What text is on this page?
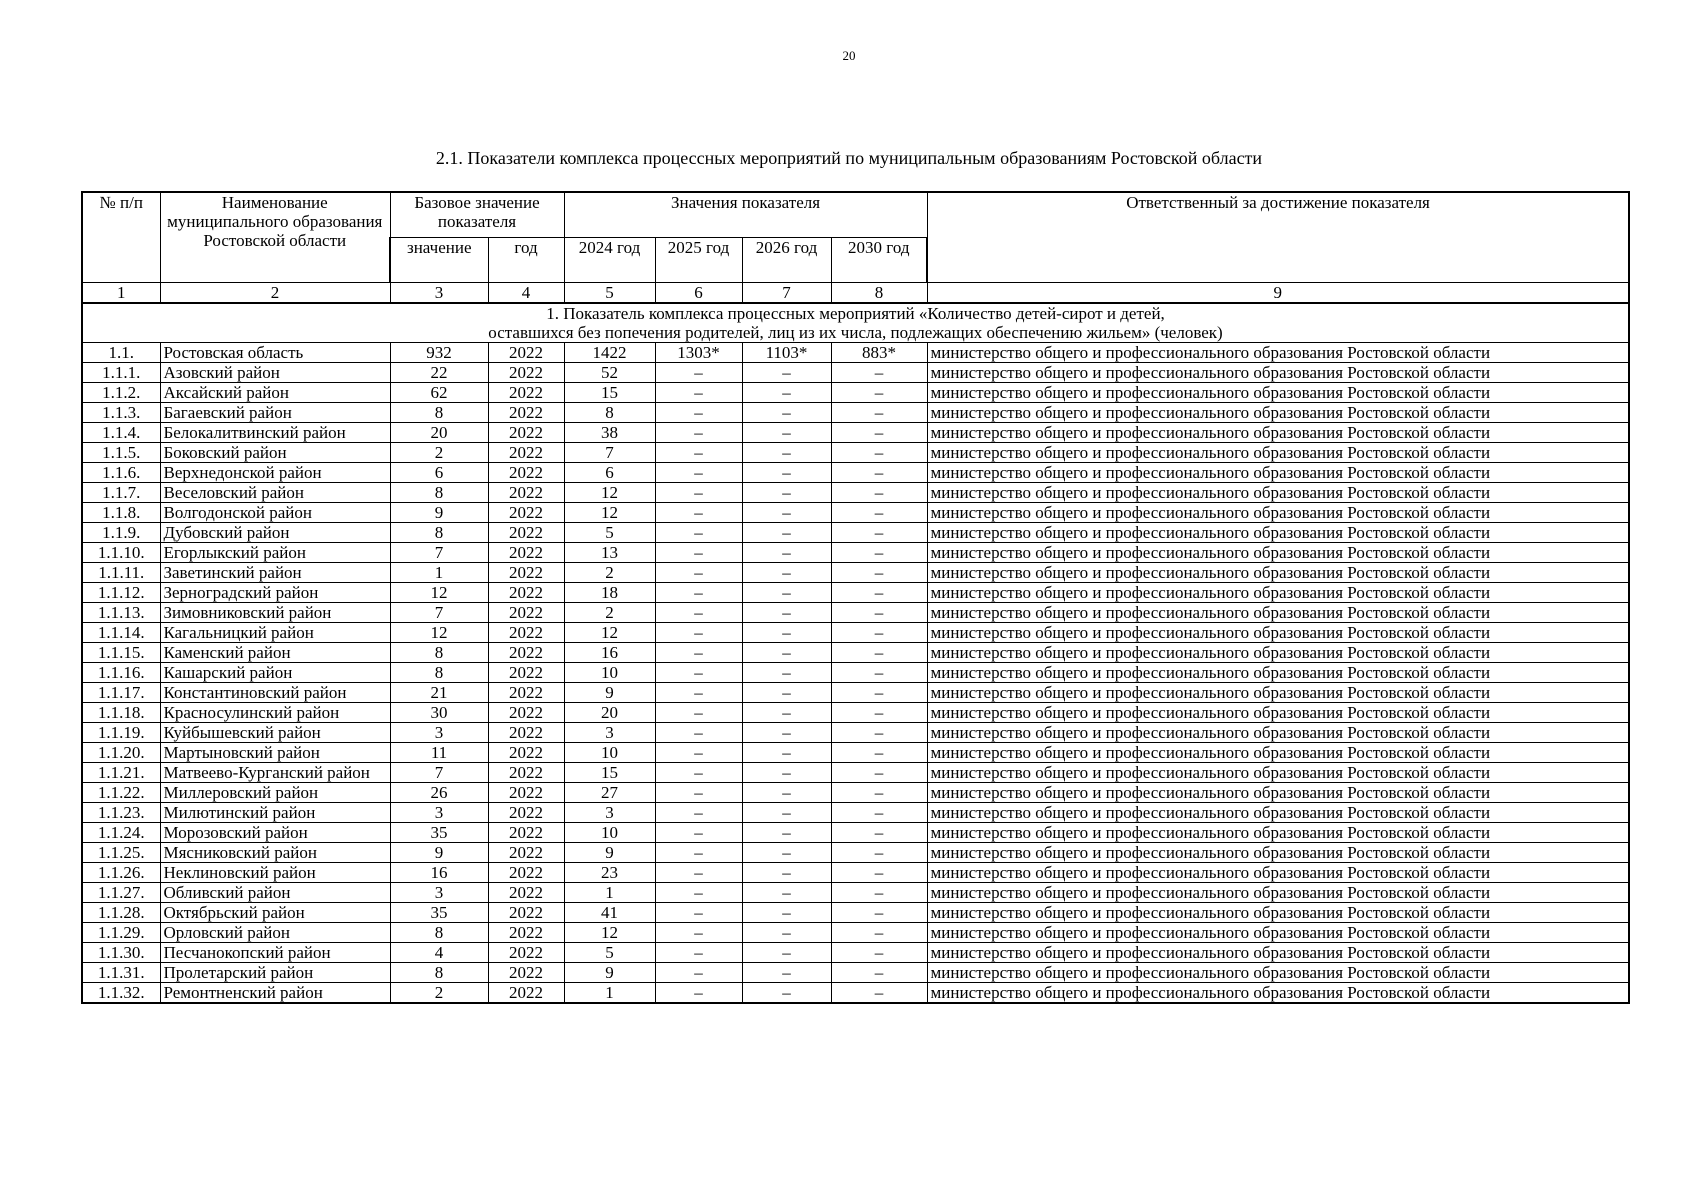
20
2.1. Показатели комплекса процессных мероприятий по муниципальным образованиям Ростовской области
№ п/п	Наименование муниципального образования Ростовской области	Базовое значение показателя		Значения показателя				Ответственный за достижение показателя
		значение	год	2024 год	2025 год	2026 год	2030 год	
1	2	3	4	5	6	7	8	9

1. Показатель комплекса процессных мероприятий «Количество детей-сирот и детей,
оставшихся без попечения родителей, лиц из их числа, подлежащих обеспечению жильем» (человек)								

1.1.	Ростовская область	932	2022	1422	1303*	1103*	883*	министерство общего и профессионального образования Ростовской области
1.1.1.	Азовский район	22	2022	52	–	–	–	министерство общего и профессионального образования Ростовской области
1.1.2.	Аксайский район	62	2022	15	–	–	–	министерство общего и профессионального образования Ростовской области
1.1.3.	Багаевский район	8	2022	8	–	–	–	министерство общего и профессионального образования Ростовской области
1.1.4.	Белокалитвинский район	20	2022	38	–	–	–	министерство общего и профессионального образования Ростовской области
1.1.5.	Боковский район	2	2022	7	–	–	–	министерство общего и профессионального образования Ростовской области
1.1.6.	Верхнедонской район	6	2022	6	–	–	–	министерство общего и профессионального образования Ростовской области
1.1.7.	Веселовский район	8	2022	12	–	–	–	министерство общего и профессионального образования Ростовской области
1.1.8.	Волгодонской район	9	2022	12	–	–	–	министерство общего и профессионального образования Ростовской области
1.1.9.	Дубовский район	8	2022	5	–	–	–	министерство общего и профессионального образования Ростовской области
1.1.10.	Егорлыкский район	7	2022	13	–	–	–	министерство общего и профессионального образования Ростовской области
1.1.11.	Заветинский район	1	2022	2	–	–	–	министерство общего и профессионального образования Ростовской области
1.1.12.	Зерноградский район	12	2022	18	–	–	–	министерство общего и профессионального образования Ростовской области
1.1.13.	Зимовниковский район	7	2022	2	–	–	–	министерство общего и профессионального образования Ростовской области
1.1.14.	Кагальницкий район	12	2022	12	–	–	–	министерство общего и профессионального образования Ростовской области
1.1.15.	Каменский район	8	2022	16	–	–	–	министерство общего и профессионального образования Ростовской области
1.1.16.	Кашарский район	8	2022	10	–	–	–	министерство общего и профессионального образования Ростовской области
1.1.17.	Константиновский район	21	2022	9	–	–	–	министерство общего и профессионального образования Ростовской области
1.1.18.	Красносулинский район	30	2022	20	–	–	–	министерство общего и профессионального образования Ростовской области
1.1.19.	Куйбышевский район	3	2022	3	–	–	–	министерство общего и профессионального образования Ростовской области
1.1.20.	Мартыновский район	11	2022	10	–	–	–	министерство общего и профессионального образования Ростовской области
1.1.21.	Матвеево-Курганский район	7	2022	15	–	–	–	министерство общего и профессионального образования Ростовской области
1.1.22.	Миллеровский район	26	2022	27	–	–	–	министерство общего и профессионального образования Ростовской области
1.1.23.	Милютинский район	3	2022	3	–	–	–	министерство общего и профессионального образования Ростовской области
1.1.24.	Морозовский район	35	2022	10	–	–	–	министерство общего и профессионального образования Ростовской области
1.1.25.	Мясниковский район	9	2022	9	–	–	–	министерство общего и профессионального образования Ростовской области
1.1.26.	Неклиновский район	16	2022	23	–	–	–	министерство общего и профессионального образования Ростовской области
1.1.27.	Обливский район	3	2022	1	–	–	–	министерство общего и профессионального образования Ростовской области
1.1.28.	Октябрьский район	35	2022	41	–	–	–	министерство общего и профессионального образования Ростовской области
1.1.29.	Орловский район	8	2022	12	–	–	–	министерство общего и профессионального образования Ростовской области
1.1.30.	Песчанокопский район	4	2022	5	–	–	–	министерство общего и профессионального образования Ростовской области
1.1.31.	Пролетарский район	8	2022	9	–	–	–	министерство общего и профессионального образования Ростовской области
1.1.32.	Ремонтненский район	2	2022	1	–	–	–	министерство общего и профессионального образования Ростовской области
